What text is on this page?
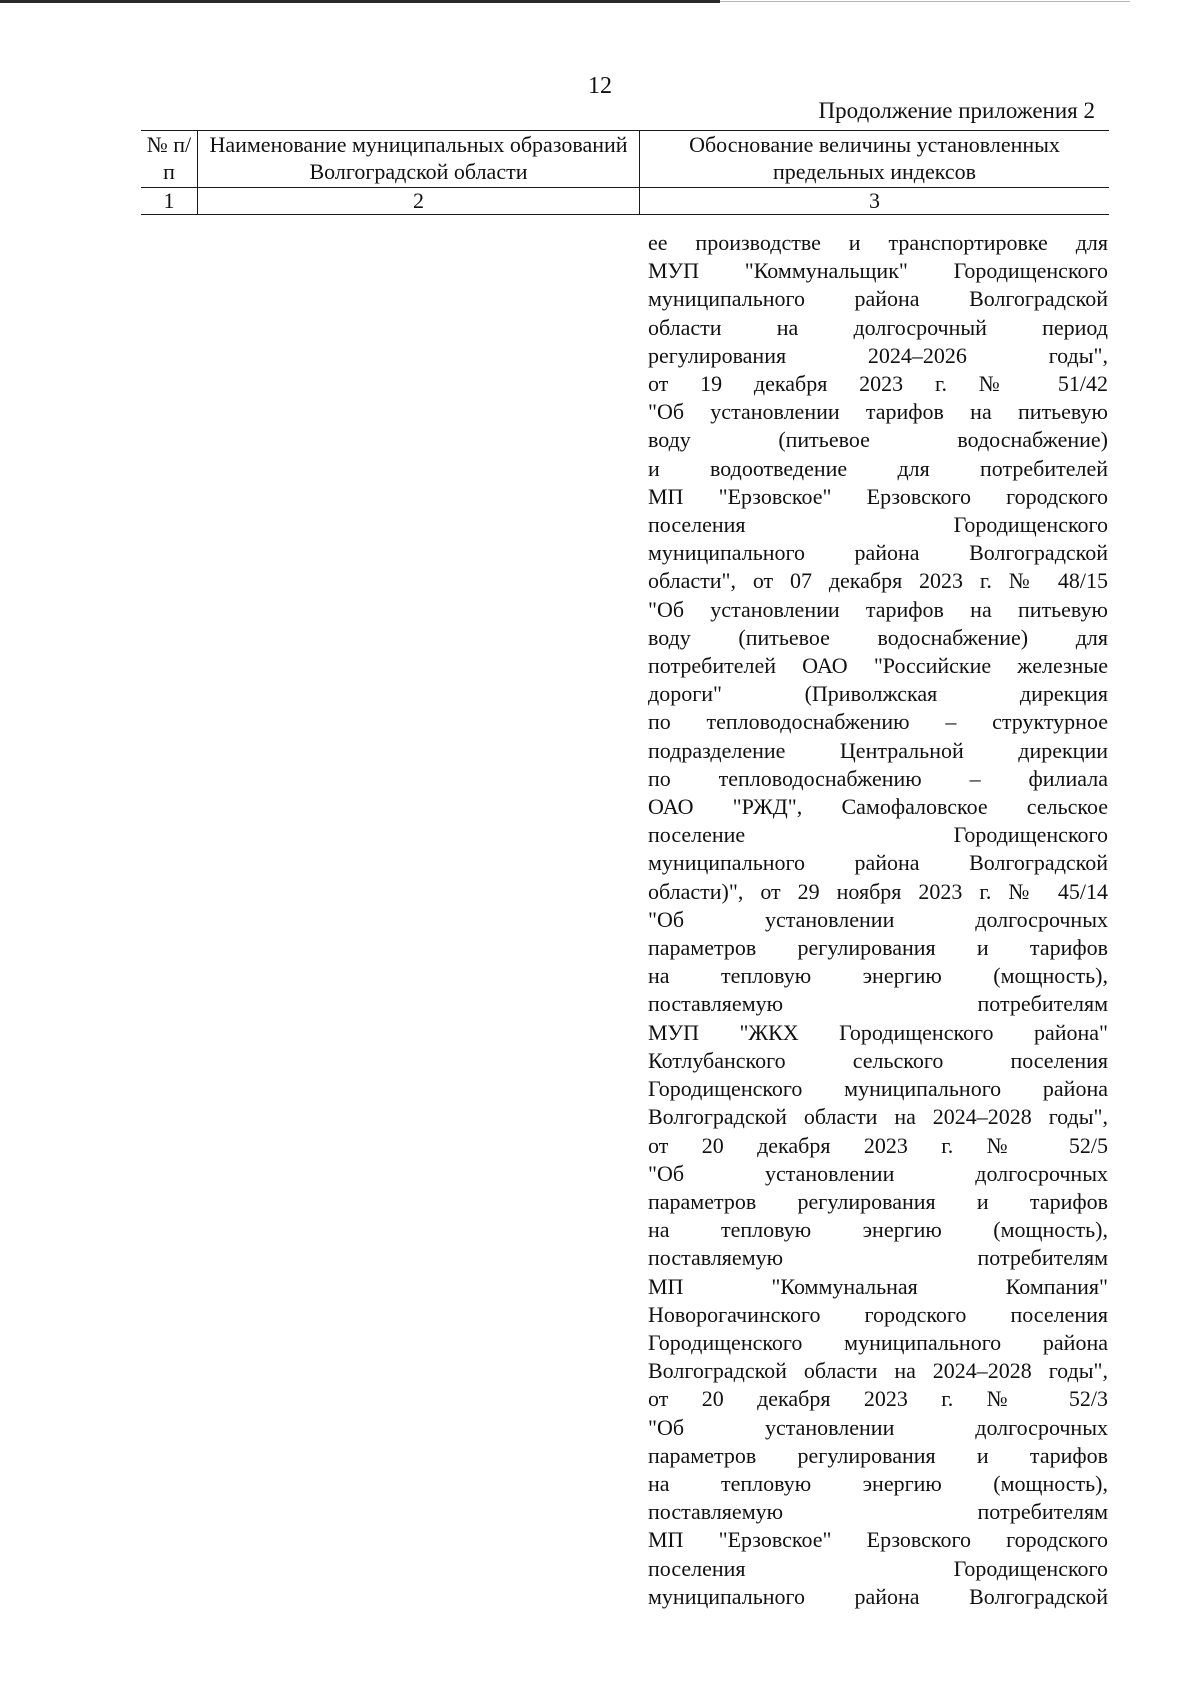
12
Продолжение приложения 2
№ п/п	Наименование муниципальных образований Волгоградской области	Обоснование величины установленных предельных индексов
1	2	3
ее производстве и транспортировке для
МУП "Коммунальщик" Городищенского
муниципального района Волгоградской
области на долгосрочный период
регулирования 2024–2026 годы",
от 19 декабря 2023 г. № 51/42
"Об установлении тарифов на питьевую
воду (питьевое водоснабжение)
и водоотведение для потребителей
МП "Ерзовское" Ерзовского городского
поселения Городищенского
муниципального района Волгоградской
области", от 07 декабря 2023 г. № 48/15
"Об установлении тарифов на питьевую
воду (питьевое водоснабжение) для
потребителей ОАО "Российские железные
дороги" (Приволжская дирекция
по тепловодоснабжению – структурное
подразделение Центральной дирекции
по тепловодоснабжению – филиала
ОАО "РЖД", Самофаловское сельское
поселение Городищенского
муниципального района Волгоградской
области)", от 29 ноября 2023 г. № 45/14
"Об установлении долгосрочных
параметров регулирования и тарифов
на тепловую энергию (мощность),
поставляемую потребителям
МУП "ЖКХ Городищенского района"
Котлубанского сельского поселения
Городищенского муниципального района
Волгоградской области на 2024–2028 годы",
от 20 декабря 2023 г. № 52/5
"Об установлении долгосрочных
параметров регулирования и тарифов
на тепловую энергию (мощность),
поставляемую потребителям
МП "Коммунальная Компания"
Новорогачинского городского поселения
Городищенского муниципального района
Волгоградской области на 2024–2028 годы",
от 20 декабря 2023 г. № 52/3
"Об установлении долгосрочных
параметров регулирования и тарифов
на тепловую энергию (мощность),
поставляемую потребителям
МП "Ерзовское" Ерзовского городского
поселения Городищенского
муниципального района Волгоградской
